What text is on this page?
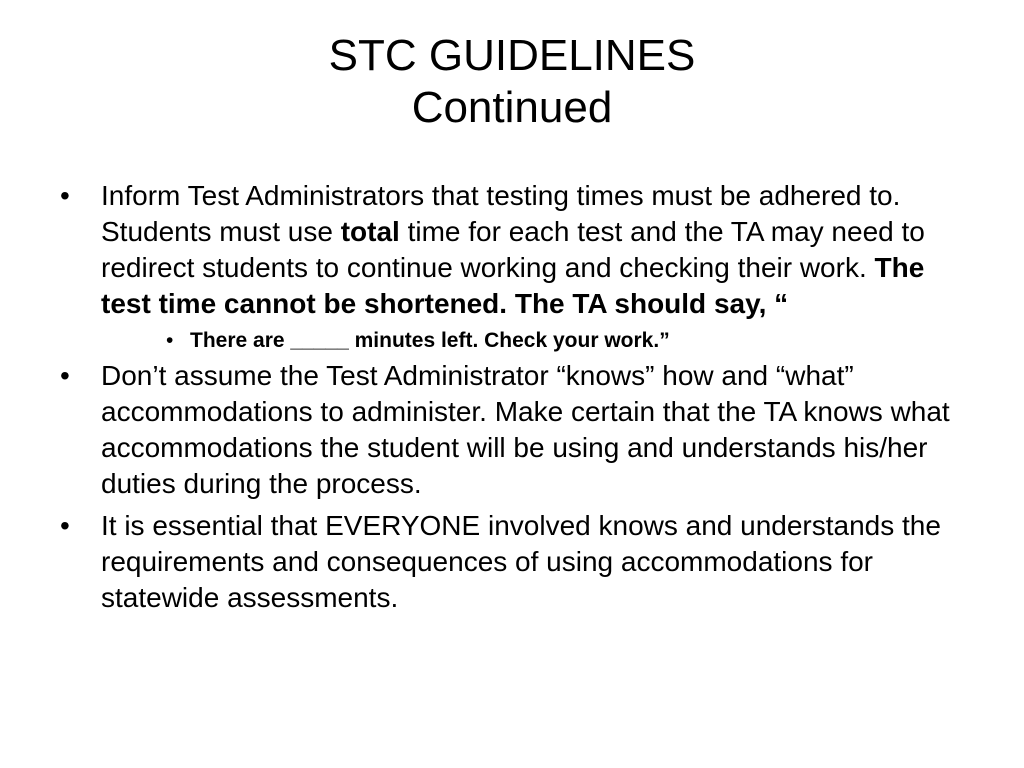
STC GUIDELINES
Continued
• Inform Test Administrators that testing times must be adhered to. Students must use total time for each test and the TA may need to redirect students to continue working and checking their work. The test time cannot be shortened. The TA should say, “
• There are _____ minutes left. Check your work.”
• Don’t assume the Test Administrator “knows” how and “what” accommodations to administer. Make certain that the TA knows what accommodations the student will be using and understands his/her duties during the process.
• It is essential that EVERYONE involved knows and understands the requirements and consequences of using accommodations for statewide assessments.
